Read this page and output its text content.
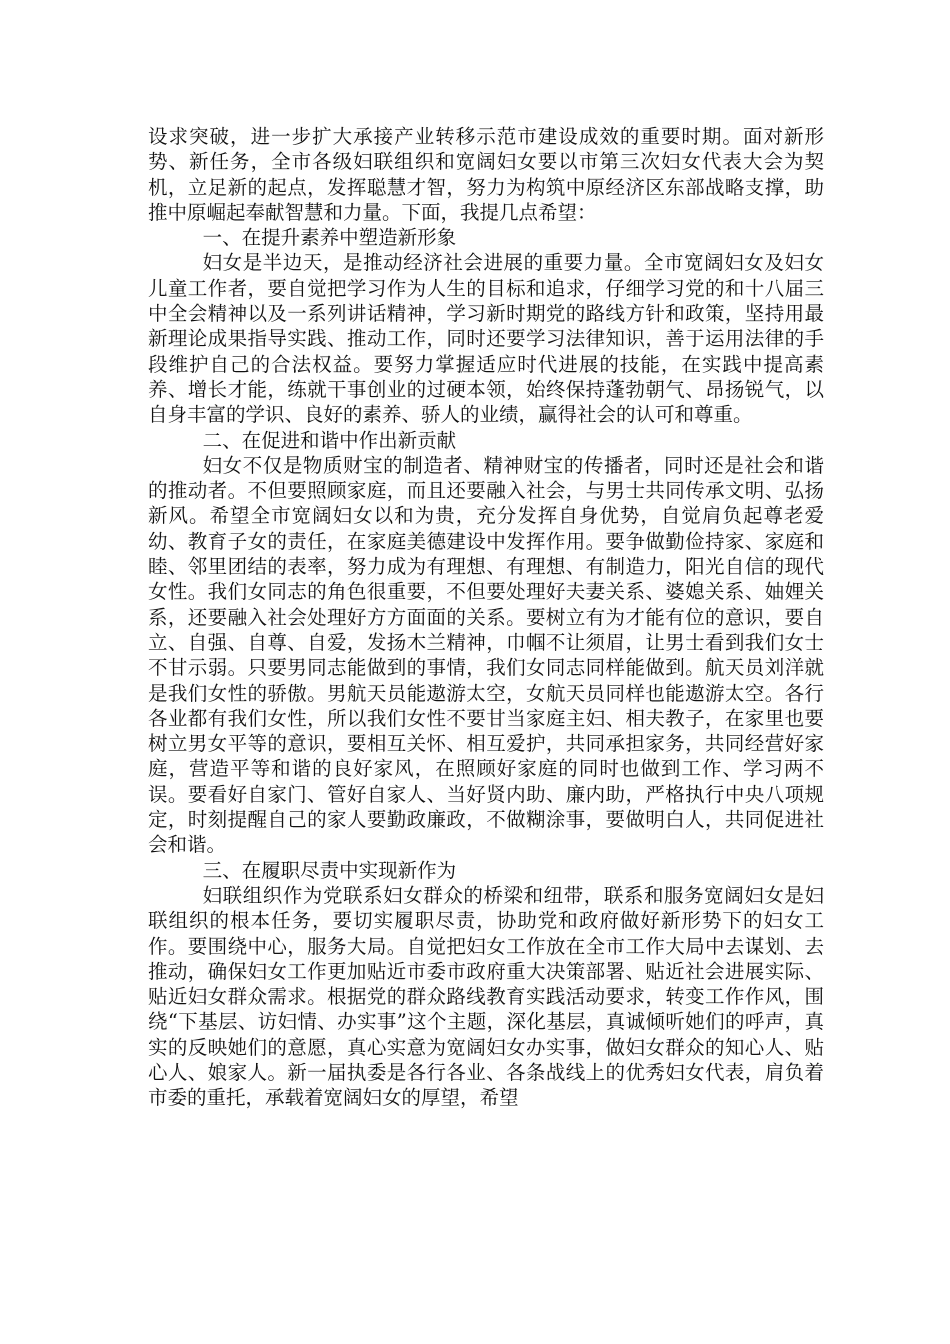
设求突破，进一步扩大承接产业转移示范市建设成效的重要时期。面对新形势、新任务，全市各级妇联组织和宽阔妇女要以市第三次妇女代表大会为契机，立足新的起点，发挥聪慧才智，努力为构筑中原经济区东部战略支撑，助推中原崛起奉献智慧和力量。下面，我提几点希望：

一、在提升素养中塑造新形象

妇女是半边天，是推动经济社会进展的重要力量。全市宽阔妇女及妇女儿童工作者，要自觉把学习作为人生的目标和追求，仔细学习党的和十八届三中全会精神以及一系列讲话精神，学习新时期党的路线方针和政策，坚持用最新理论成果指导实践、推动工作，同时还要学习法律知识，善于运用法律的手段维护自己的合法权益。要努力掌握适应时代进展的技能，在实践中提高素养、增长才能，练就干事创业的过硬本领，始终保持蓬勃朝气、昂扬锐气，以自身丰富的学识、良好的素养、骄人的业绩，赢得社会的认可和尊重。

二、在促进和谐中作出新贡献

妇女不仅是物质财宝的制造者、精神财宝的传播者，同时还是社会和谐的推动者。不但要照顾家庭，而且还要融入社会，与男士共同传承文明、弘扬新风。希望全市宽阔妇女以和为贵，充分发挥自身优势，自觉肩负起尊老爱幼、教育子女的责任，在家庭美德建设中发挥作用。要争做勤俭持家、家庭和睦、邻里团结的表率，努力成为有理想、有理想、有制造力，阳光自信的现代女性。我们女同志的角色很重要，不但要处理好夫妻关系、婆媳关系、妯娌关系，还要融入社会处理好方方面面的关系。要树立有为才能有位的意识，要自立、自强、自尊、自爱，发扬木兰精神，巾帼不让须眉，让男士看到我们女士不甘示弱。只要男同志能做到的事情，我们女同志同样能做到。航天员刘洋就是我们女性的骄傲。男航天员能遨游太空，女航天员同样也能遨游太空。各行各业都有我们女性，所以我们女性不要甘当家庭主妇、相夫教子，在家里也要树立男女平等的意识，要相互关怀、相互爱护，共同承担家务，共同经营好家庭，营造平等和谐的良好家风，在照顾好家庭的同时也做到工作、学习两不误。要看好自家门、管好自家人、当好贤内助、廉内助，严格执行中央八项规定，时刻提醒自己的家人要勤政廉政，不做糊涂事，要做明白人，共同促进社会和谐。

三、在履职尽责中实现新作为

妇联组织作为党联系妇女群众的桥梁和纽带，联系和服务宽阔妇女是妇联组织的根本任务，要切实履职尽责，协助党和政府做好新形势下的妇女工作。要围绕中心，服务大局。自觉把妇女工作放在全市工作大局中去谋划、去推动，确保妇女工作更加贴近市委市政府重大决策部署、贴近社会进展实际、贴近妇女群众需求。根据党的群众路线教育实践活动要求，转变工作作风，围绕“下基层、访妇情、办实事”这个主题，深化基层，真诚倾听她们的呼声，真实的反映她们的意愿，真心实意为宽阔妇女办实事，做妇女群众的知心人、贴心人、娘家人。新一届执委是各行各业、各条战线上的优秀妇女代表，肩负着市委的重托，承载着宽阔妇女的厚望，希望
